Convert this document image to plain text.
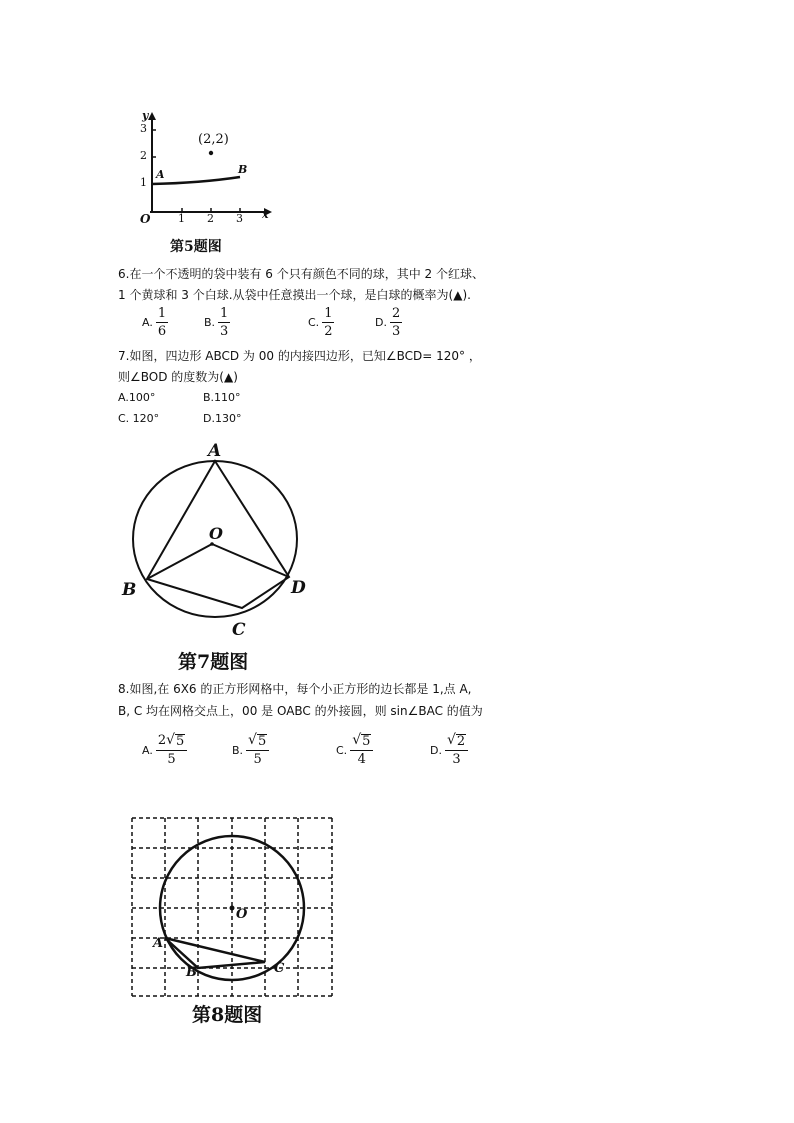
y
x
3
2
1
O	1 2 3
(2,2)
A	B
第5题图
6.在一个不透明的袋中装有 6 个只有颜色不同的球，其中 2 个红球、
1 个黄球和 3 个白球.从袋中任意摸出一个球，是白球的概率为(▲).
A. $\frac{1}{6}$	B. $\frac{1}{3}$	C. $\frac{1}{2}$	D. $\frac{2}{3}$
7.如图，四边形 ABCD 为 00 的内接四边形，已知∠BCD= 120° ，
则∠BOD 的度数为(▲)
A.100°	B.110°
C. 120°	D.130°
A
O
B	D
C
第7题图
8.如图,在 6X6 的正方形网格中，每个小正方形的边长都是 1,点 A,
B, C 均在网格交点上，00 是 OABC 的外接圆，则 sin∠BAC 的值为
A. $\frac{2 √ 5}{5}$	B. $\frac{√ 5}{5}$	C. $\frac{√ 5}{4}$	D. $\frac{√ 2}{3}$
O
A
B	C
第8题图
